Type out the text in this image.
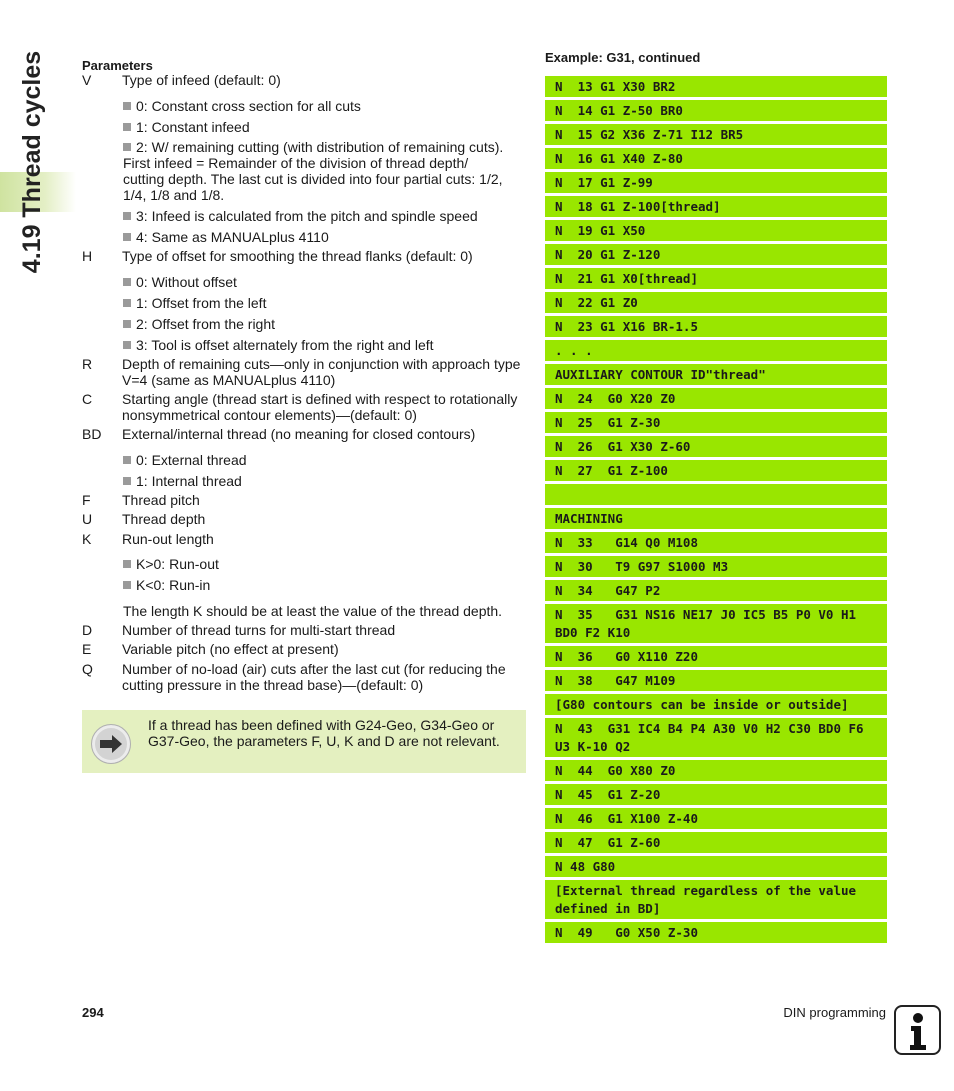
4.19 Thread cycles	Parameters
V	Type of infeed (default: 0)
0: Constant cross section for all cuts
1: Constant infeed
2: W/ remaining cutting (with distribution of remaining cuts). First infeed = Remainder of the division of thread depth/ cutting depth. The last cut is divided into four partial cuts: 1/2, 1/4, 1/8 and 1/8.
3: Infeed is calculated from the pitch and spindle speed
4: Same as MANUALplus 4110
H	Type of offset for smoothing the thread flanks (default: 0)
0: Without offset
1: Offset from the left
2: Offset from the right
3: Tool is offset alternately from the right and left
R	Depth of remaining cuts—only in conjunction with approach type V=4 (same as MANUALplus 4110)
C	Starting angle (thread start is defined with respect to rotationally nonsymmetrical contour elements)—(default: 0)
BD	External/internal thread (no meaning for closed contours)
0: External thread
1: Internal thread
F	Thread pitch
U	Thread depth
K	Run-out length
K>0: Run-out
K<0: Run-in
The length K should be at least the value of the thread depth.
D	Number of thread turns for multi-start thread
E	Variable pitch (no effect at present)
Q	Number of no-load (air) cuts after the last cut (for reducing the cutting pressure in the thread base)—(default: 0)
If a thread has been defined with G24-Geo, G34-Geo or G37-Geo, the parameters F, U, K and D are not relevant.
Example: G31, continued
N  13 G1 X30 BR2
N  14 G1 Z-50 BR0
N  15 G2 X36 Z-71 I12 BR5
N  16 G1 X40 Z-80
N  17 G1 Z-99
N  18 G1 Z-100[thread]
N  19 G1 X50
N  20 G1 Z-120
N  21 G1 X0[thread]
N  22 G1 Z0
N  23 G1 X16 BR-1.5
. . .
AUXILIARY CONTOUR ID"thread"
N  24  G0 X20 Z0
N  25  G1 Z-30
N  26  G1 X30 Z-60
N  27  G1 Z-100
MACHINING
N  33   G14 Q0 M108
N  30   T9 G97 S1000 M3
N  34   G47 P2
N  35   G31 NS16 NE17 J0 IC5 B5 P0 V0 H1 BD0 F2 K10
N  36   G0 X110 Z20
N  38   G47 M109
[G80 contours can be inside or outside]
N  43  G31 IC4 B4 P4 A30 V0 H2 C30 BD0 F6 U3 K-10 Q2
N  44  G0 X80 Z0
N  45  G1 Z-20
N  46  G1 X100 Z-40
N  47  G1 Z-60
N 48 G80
[External thread regardless of the value defined in BD]
N  49   G0 X50 Z-30
294	DIN programming
